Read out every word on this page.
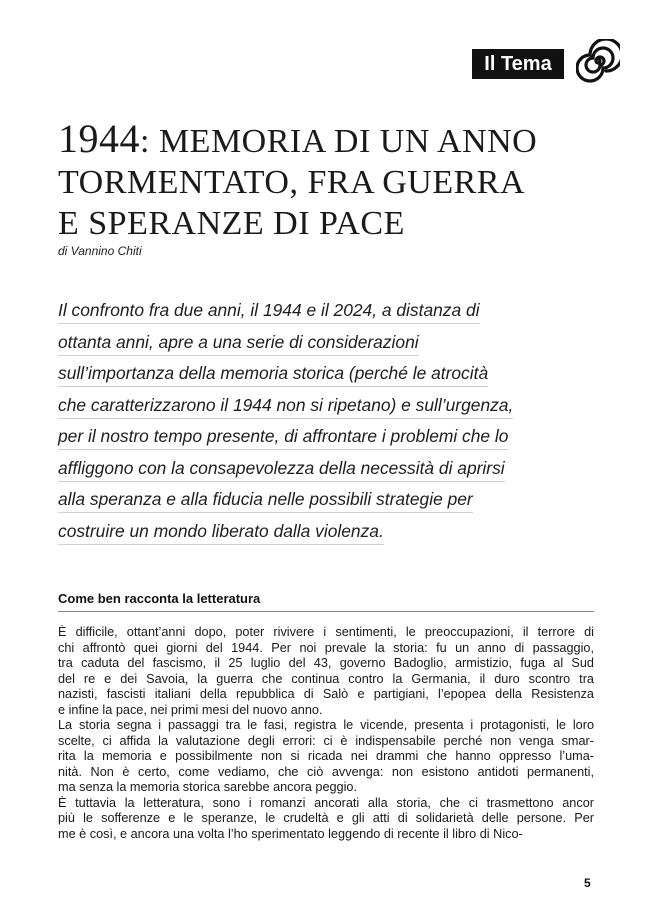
Il Tema
1944: MEMORIA DI UN ANNO
TORMENTATO, FRA GUERRA
E SPERANZE DI PACE
di Vannino Chiti
Il confronto fra due anni, il 1944 e il 2024, a distanza di
ottanta anni, apre a una serie di considerazioni
sull’importanza della memoria storica (perché le atrocità
che caratterizzarono il 1944 non si ripetano) e sull’urgenza,
per il nostro tempo presente, di affrontare i problemi che lo
affliggono con la consapevolezza della necessità di aprirsi
alla speranza e alla fiducia nelle possibili strategie per
costruire un mondo liberato dalla violenza.
Come ben racconta la letteratura
È difficile, ottant’anni dopo, poter rivivere i sentimenti, le preoccupazioni, il terrore di
chi affrontò quei giorni del 1944. Per noi prevale la storia: fu un anno di passaggio,
tra caduta del fascismo, il 25 luglio del 43, governo Badoglio, armistizio, fuga al Sud
del re e dei Savoia, la guerra che continua contro la Germania, il duro scontro tra
nazisti, fascisti italiani della repubblica di Salò e partigiani, l’epopea della Resistenza
e infine la pace, nei primi mesi del nuovo anno.
La storia segna i passaggi tra le fasi, registra le vicende, presenta i protagonisti, le loro
scelte, ci affida la valutazione degli errori: ci è indispensabile perché non venga smar-
rita la memoria e possibilmente non si ricada nei drammi che hanno oppresso l’uma-
nità. Non è certo, come vediamo, che ciò avvenga: non esistono antidoti permanenti,
ma senza la memoria storica sarebbe ancora peggio.
È tuttavia la letteratura, sono i romanzi ancorati alla storia, che ci trasmettono ancor
più le sofferenze e le speranze, le crudeltà e gli atti di solidarietà delle persone. Per
me è così, e ancora una volta l’ho sperimentato leggendo di recente il libro di Nico-
5
